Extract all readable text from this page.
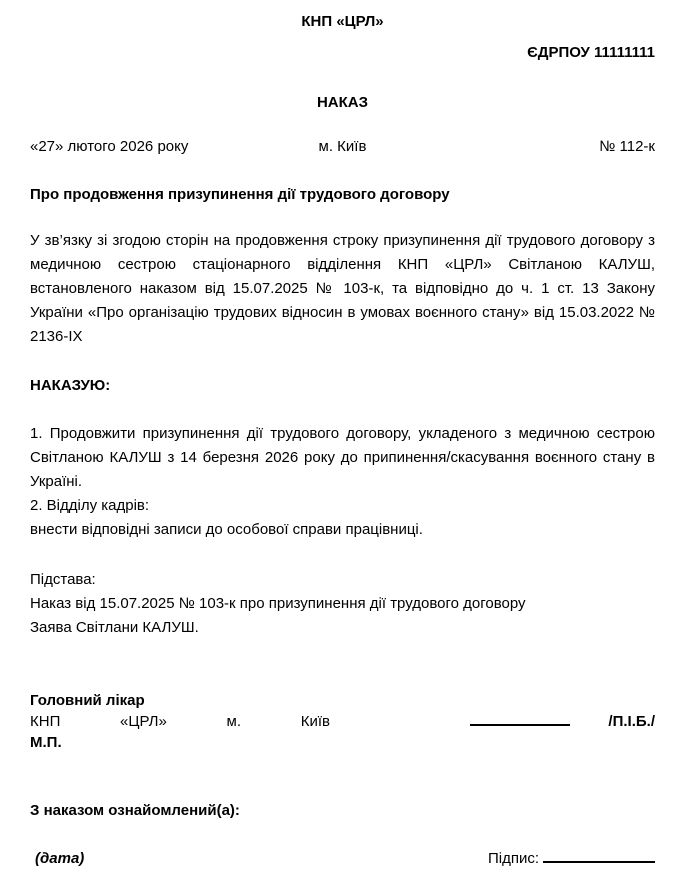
КНП «ЦРЛ»
ЄДРПОУ 11111111
НАКАЗ
«27» лютого 2026 року	м. Київ	№ 112-к
Про продовження призупинення дії трудового договору
У зв’язку зі згодою сторін на продовження строку призупинення дії трудового договору з медичною сестрою стаціонарного відділення КНП «ЦРЛ» Світланою КАЛУШ, встановленого наказом від 15.07.2025 № 103-к, та відповідно до ч. 1 ст. 13 Закону України «Про організацію трудових відносин в умовах воєнного стану» від 15.03.2022 № 2136-IX
НАКАЗУЮ:
1. Продовжити призупинення дії трудового договору, укладеного з медичною сестрою Світланою КАЛУШ з 14 березня 2026 року до припинення/скасування воєнного стану в Україні.
2. Відділу кадрів:
внести відповідні записи до особової справи працівниці.
Підстава:
Наказ від 15.07.2025 № 103-к про призупинення дії трудового договору
Заява Світлани КАЛУШ.
Головний лікар
КНП «ЦРЛ» м. Київ	/П.І.Б./
М.П.
З наказом ознайомлений(а):
(дата)	Підпис:
